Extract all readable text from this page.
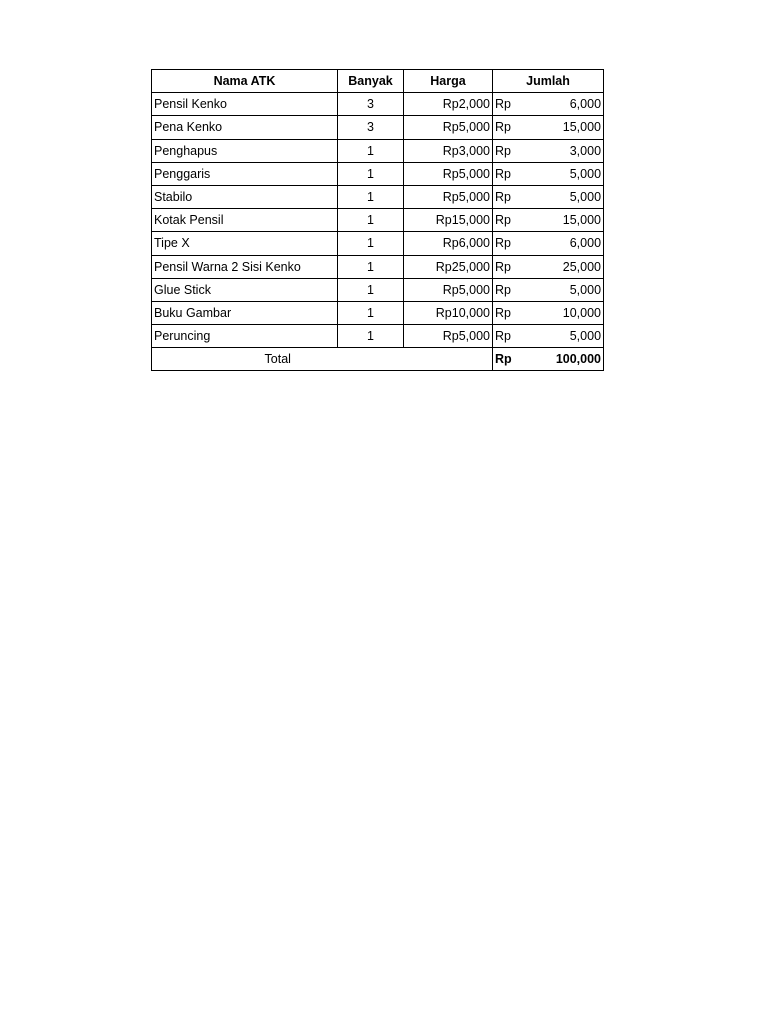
Nama ATK	Banyak	Harga	Jumlah	
Pensil Kenko	3	Rp2,000	Rp	6,000
Pena Kenko	3	Rp5,000	Rp	15,000
Penghapus	1	Rp3,000	Rp	3,000
Penggaris	1	Rp5,000	Rp	5,000
Stabilo	1	Rp5,000	Rp	5,000
Kotak Pensil	1	Rp15,000	Rp	15,000
Tipe X	1	Rp6,000	Rp	6,000
Pensil Warna 2 Sisi Kenko	1	Rp25,000	Rp	25,000
Glue Stick	1	Rp5,000	Rp	5,000
Buku Gambar	1	Rp10,000	Rp	10,000
Peruncing	1	Rp5,000	Rp	5,000
Total			Rp	100,000
